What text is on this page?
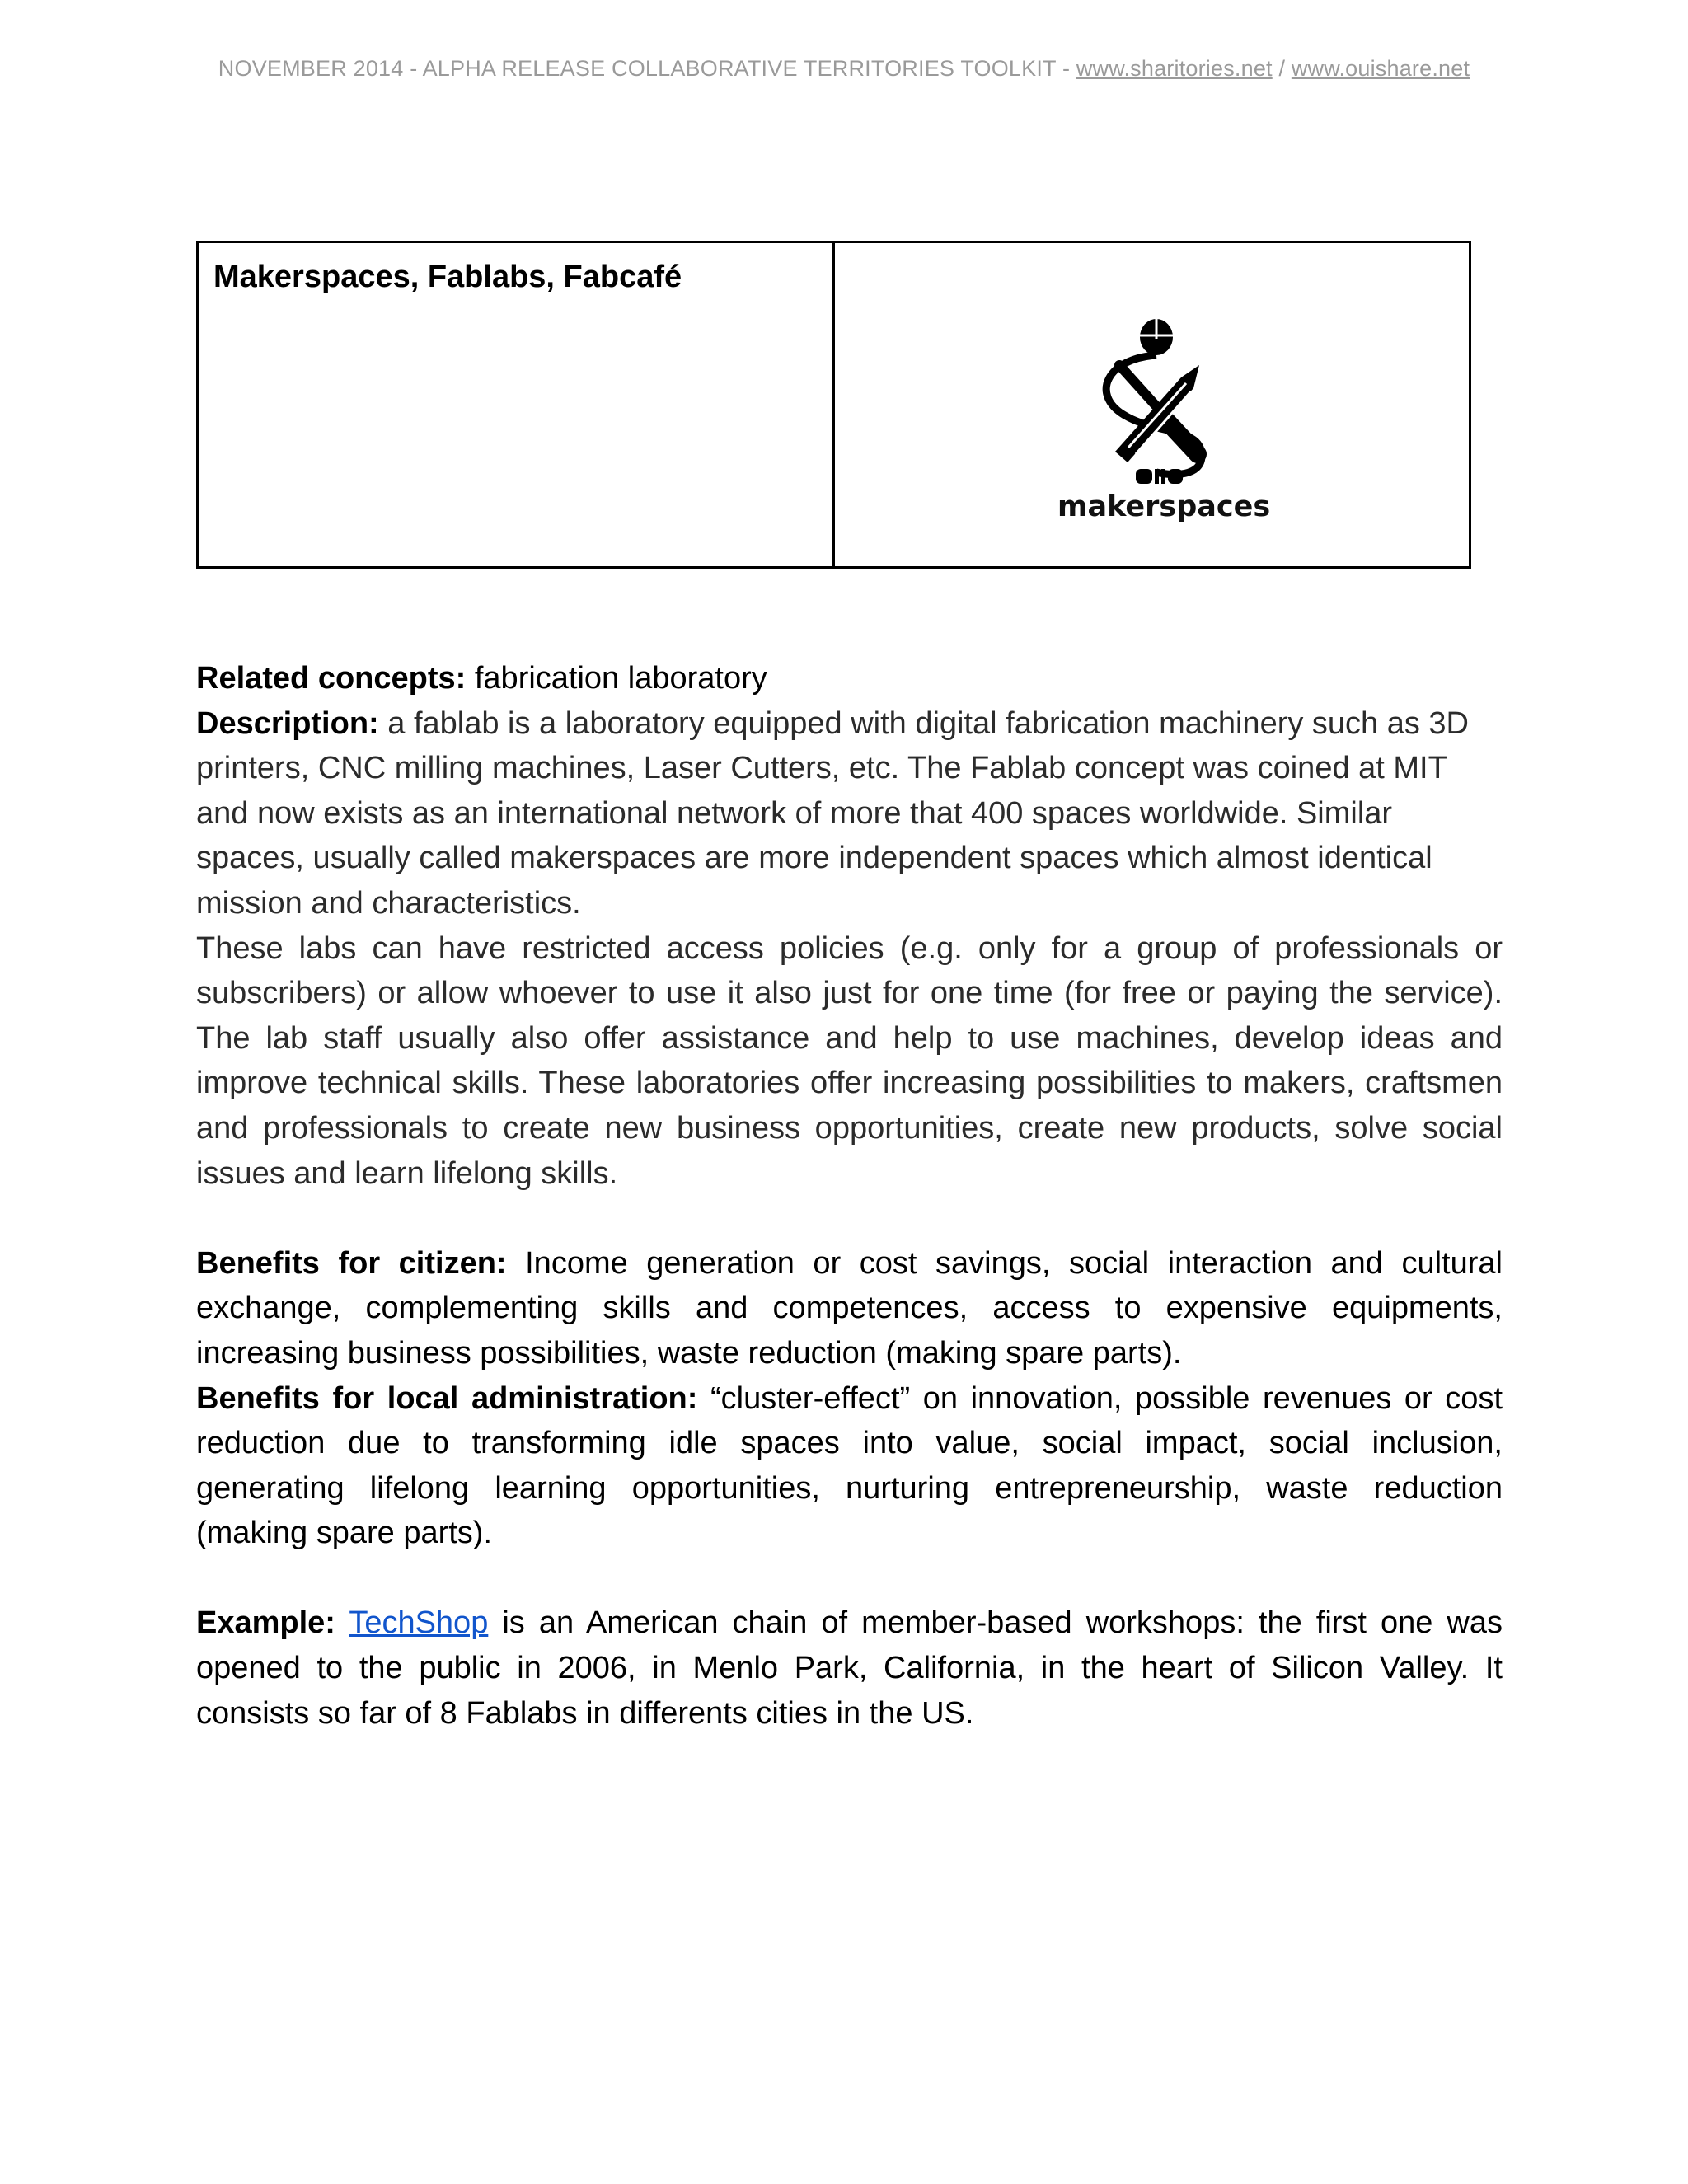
NOVEMBER 2014 - ALPHA RELEASE COLLABORATIVE TERRITORIES TOOLKIT - www.sharitories.net / www.ouishare.net
Makerspaces, Fablabs, Fabcafé
makerspaces

Related concepts: fabrication laboratory

Description: a fablab is a laboratory equipped with digital fabrication machinery such as 3D printers, CNC milling machines, Laser Cutters, etc. The Fablab concept was coined at MIT and now exists as an international network of more that 400 spaces worldwide. Similar spaces, usually called makerspaces are more independent spaces which almost identical mission and characteristics.

These labs can have restricted access policies (e.g. only for a group of professionals or subscribers) or allow whoever to use it also just for one time (for free or paying the service). The lab staff usually also offer assistance and help to use machines, develop ideas and improve technical skills. These laboratories offer increasing possibilities to makers, craftsmen and professionals to create new business opportunities, create new products, solve social issues and learn lifelong skills.

Benefits for citizen: Income generation or cost savings, social interaction and cultural exchange, complementing skills and competences, access to expensive equipments, increasing business possibilities, waste reduction (making spare parts).

Benefits for local administration: “cluster-effect” on innovation, possible revenues or cost reduction due to transforming idle spaces into value, social impact, social inclusion, generating lifelong learning opportunities, nurturing entrepreneurship, waste reduction (making spare parts).

Example: TechShop is an American chain of member-based workshops: the first one was opened to the public in 2006, in Menlo Park, California, in the heart of Silicon Valley. It consists so far of 8 Fablabs in differents cities in the US.
